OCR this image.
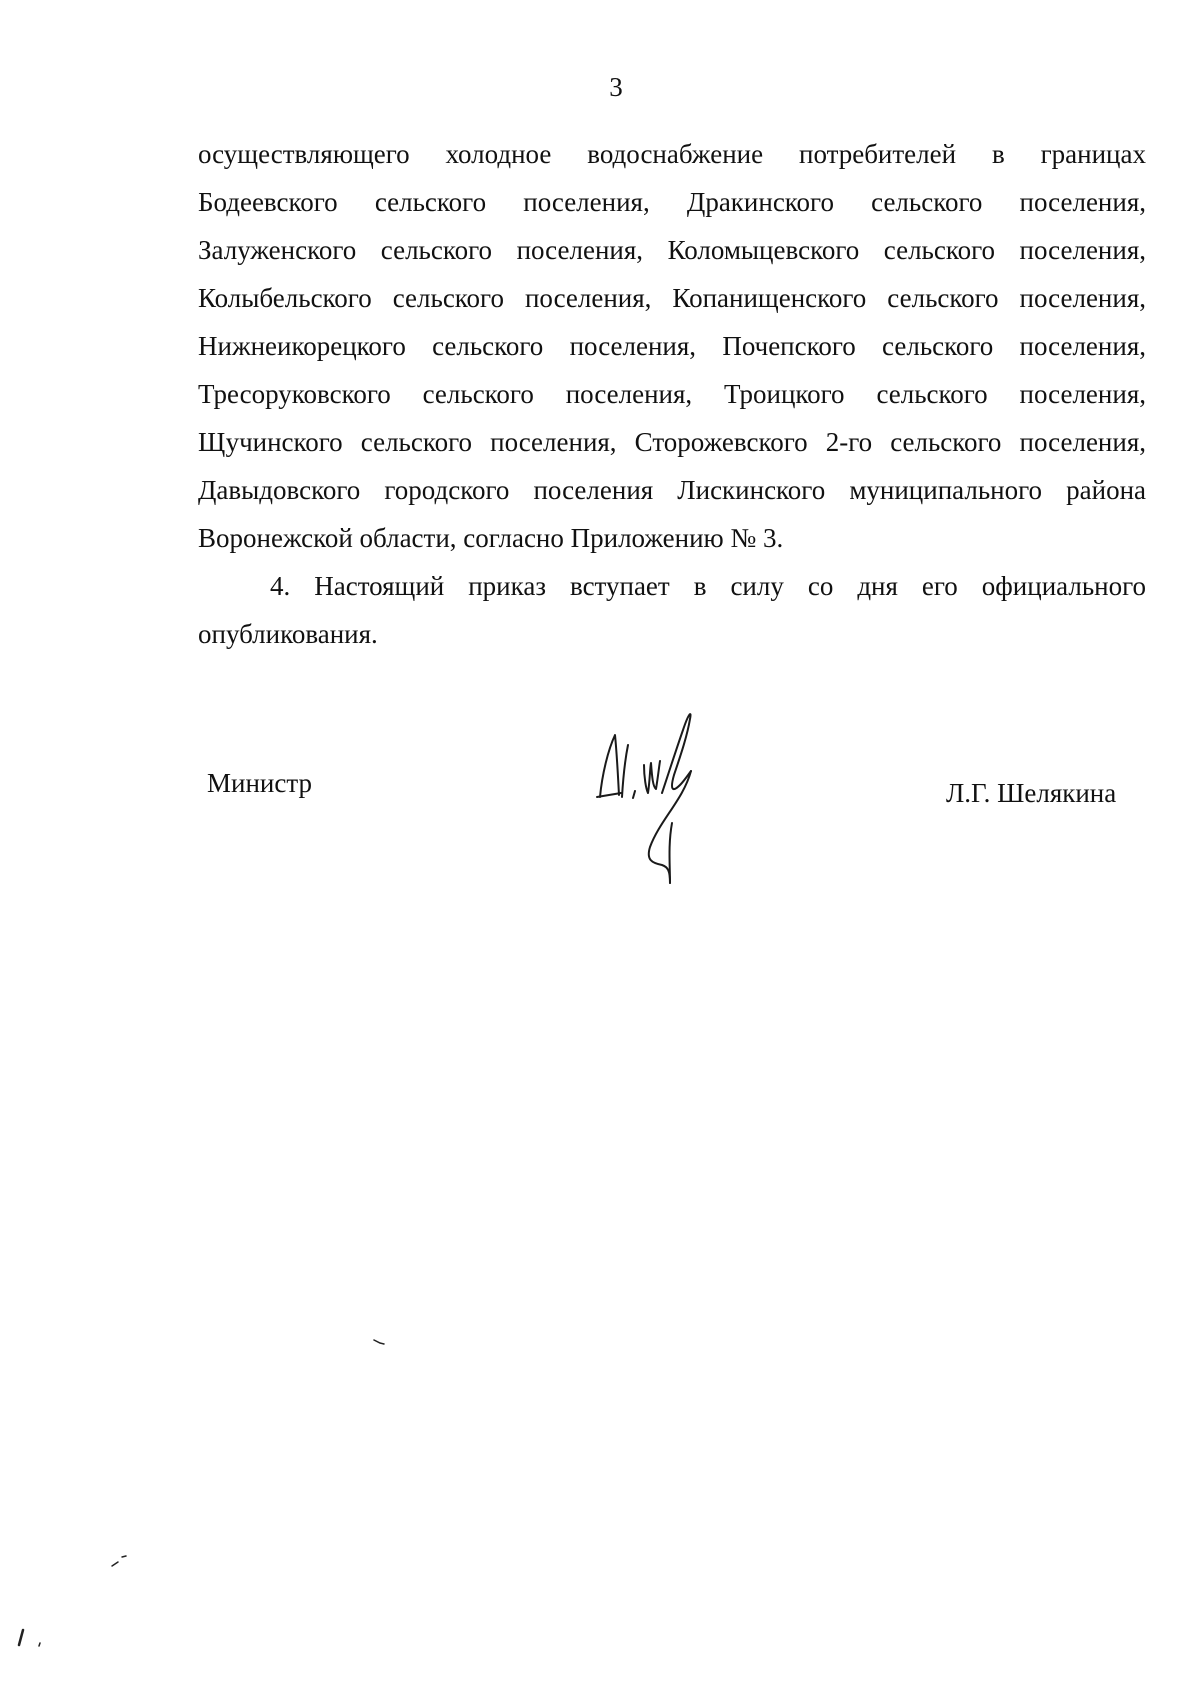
3
осуществляющего холодное водоснабжение потребителей в границах
Бодеевского сельского поселения, Дракинского сельского поселения,
Залуженского сельского поселения, Коломыцевского сельского поселения,
Колыбельского сельского поселения, Копанищенского сельского поселения,
Нижнеикорецкого сельского поселения, Почепского сельского поселения,
Тресоруковского сельского поселения, Троицкого сельского поселения,
Щучинского сельского поселения, Сторожевского 2-го сельского поселения,
Давыдовского городского поселения Лискинского муниципального района
Воронежской области, согласно Приложению № 3.
4. Настоящий приказ вступает в силу со дня его официального
опубликования.
Министр	Л.Г. Шелякина
